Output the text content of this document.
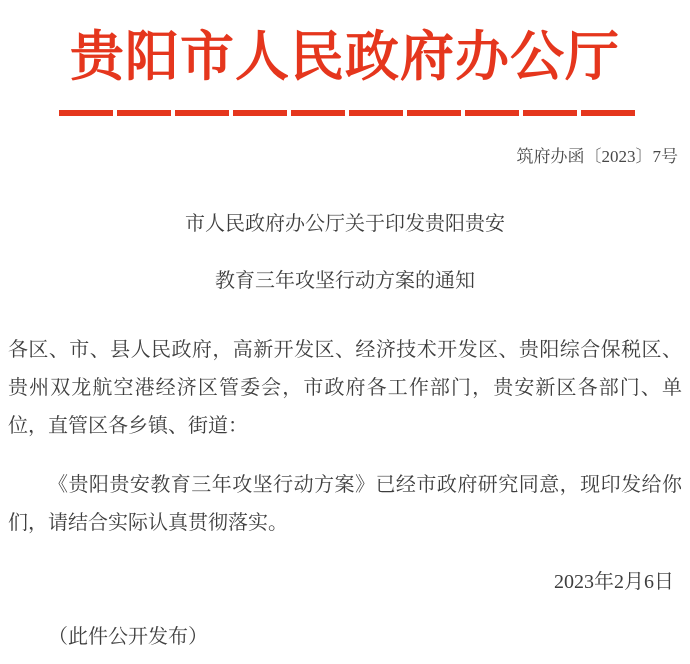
贵阳市人民政府办公厅
筑府办函〔2023〕7号
市人民政府办公厅关于印发贵阳贵安
教育三年攻坚行动方案的通知

各区、市、县人民政府，高新开发区、经济技术开发区、贵阳综合保税区、贵州双龙航空港经济区管委会，市政府各工作部门，贵安新区各部门、单位，直管区各乡镇、街道：

《贵阳贵安教育三年攻坚行动方案》已经市政府研究同意，现印发给你们，请结合实际认真贯彻落实。

2023年2月6日
（此件公开发布）
